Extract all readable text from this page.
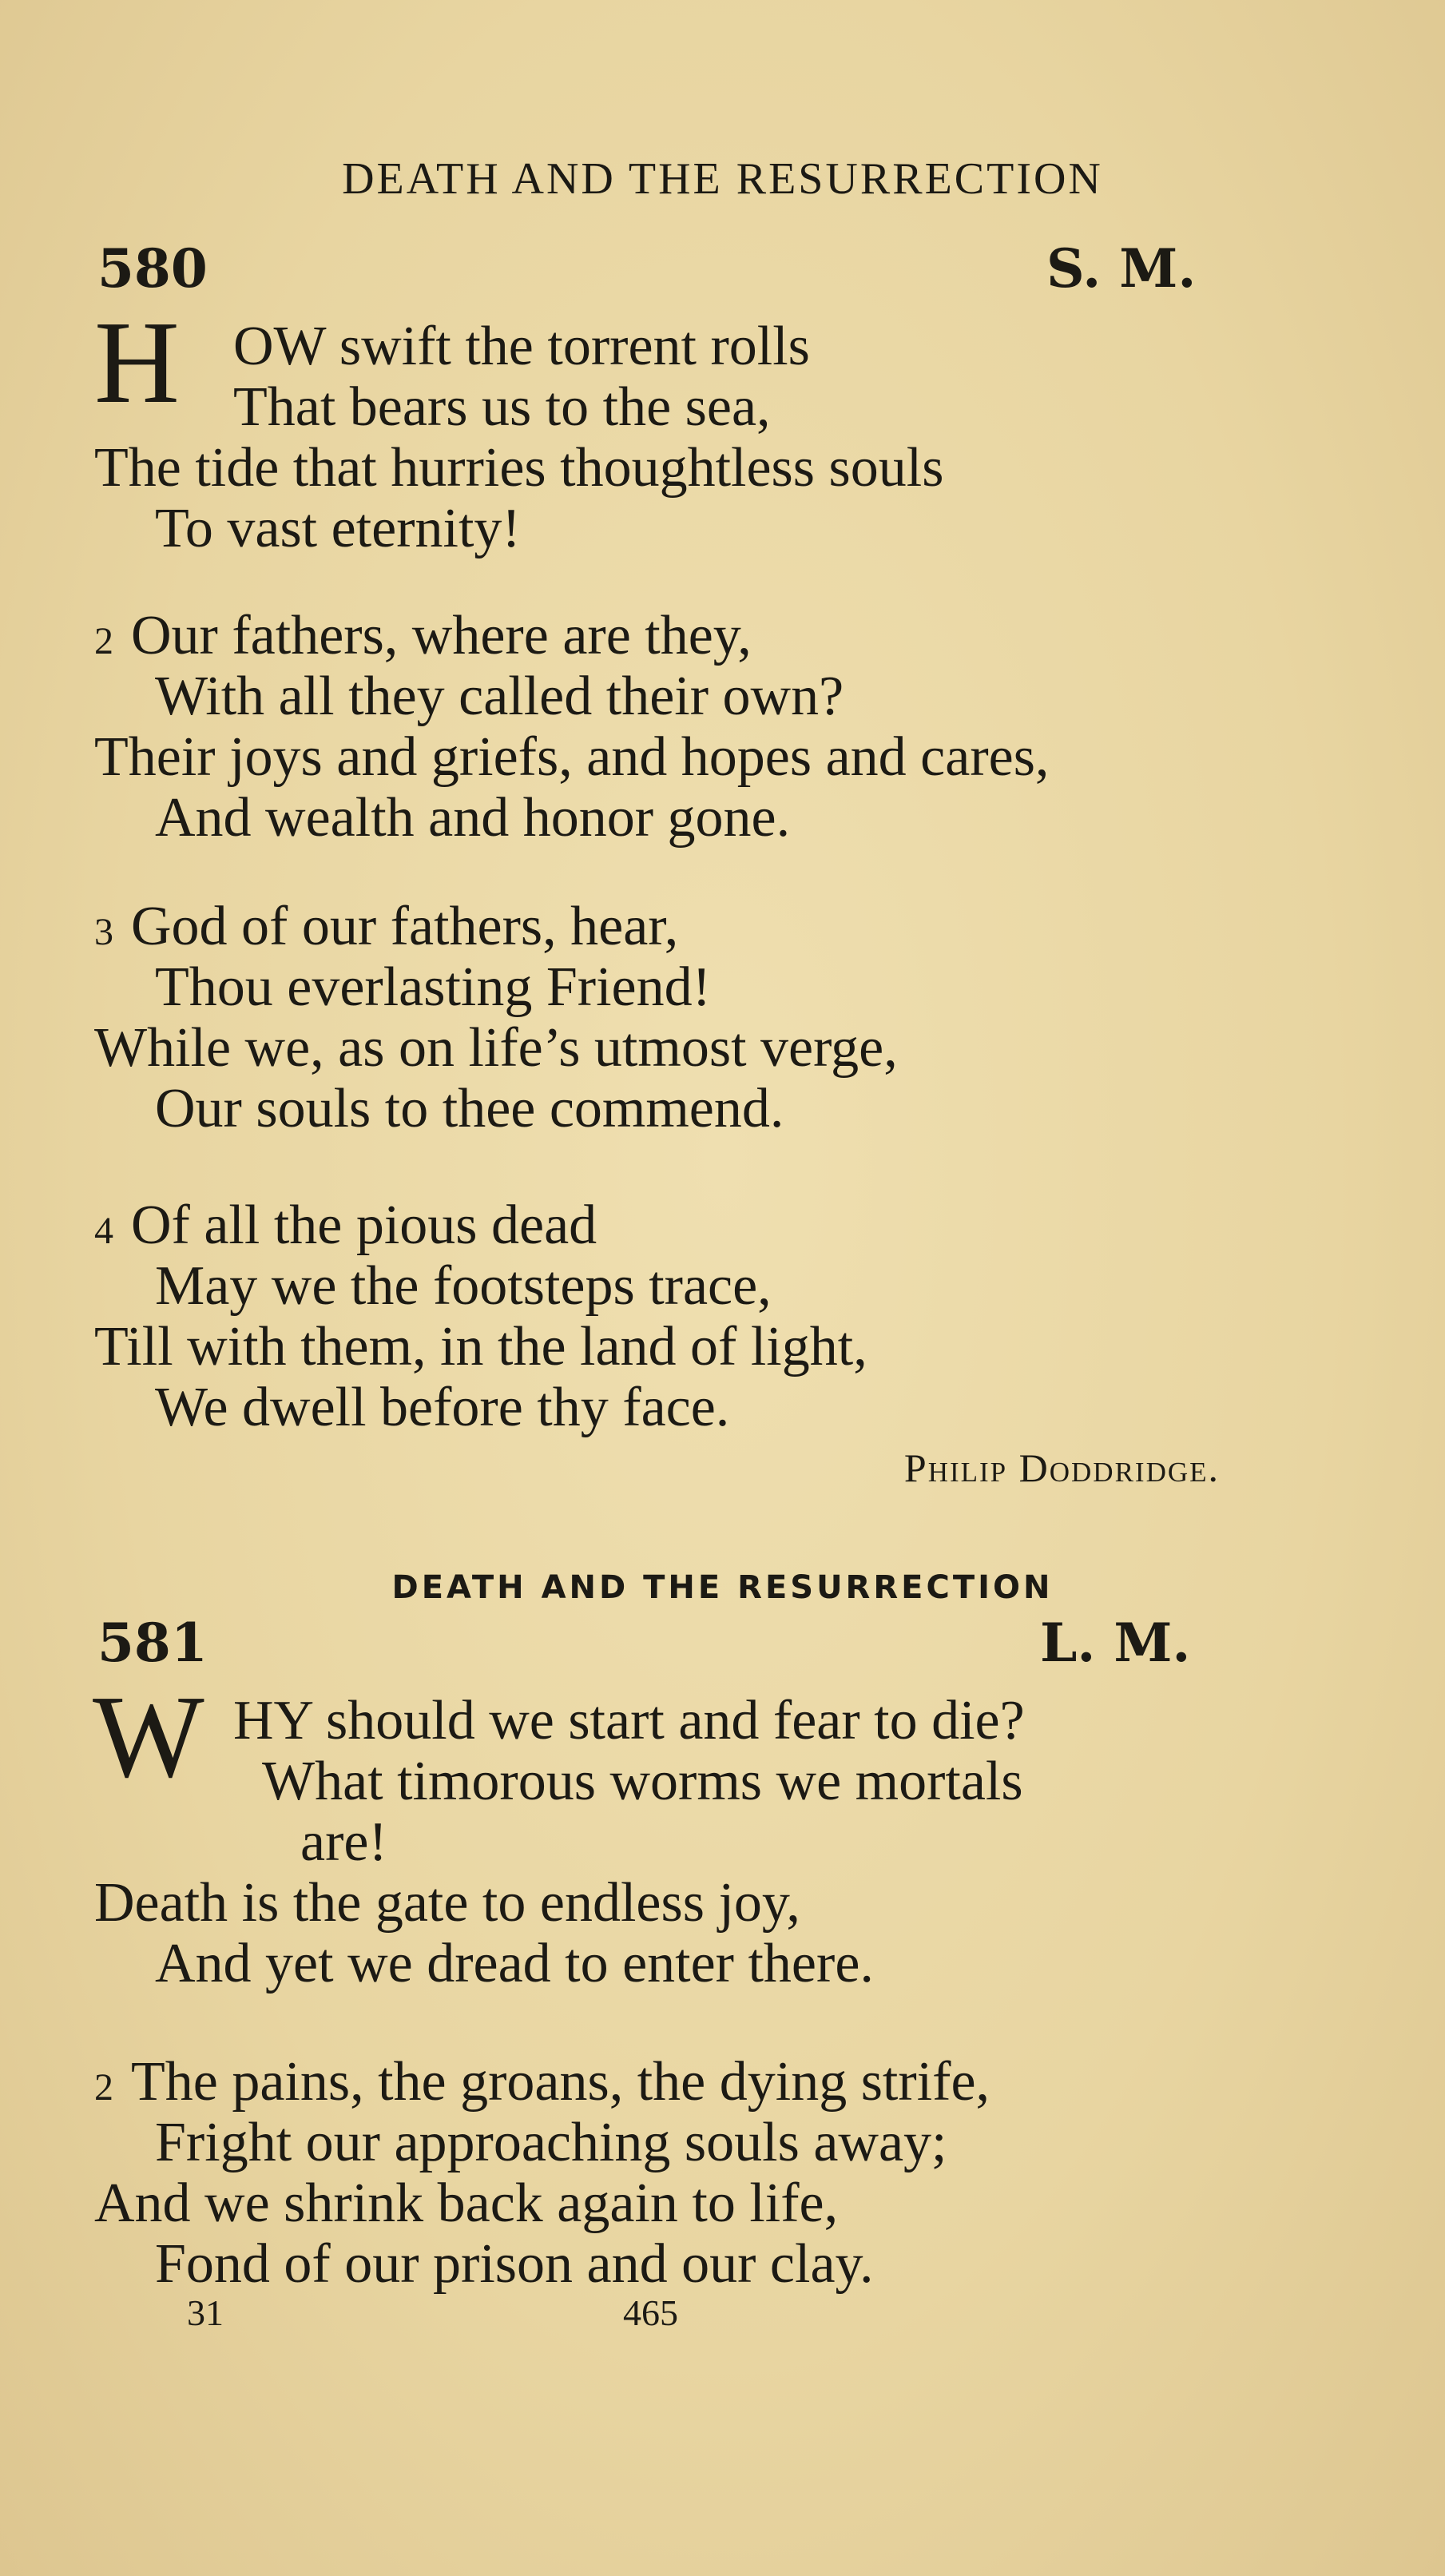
DEATH AND THE RESURRECTION
580	S. M.
H OW swift the torrent rolls
That bears us to the sea,
The tide that hurries thoughtless souls
To vast eternity!
2 Our fathers, where are they,
With all they called their own?
Their joys and griefs, and hopes and cares,
And wealth and honor gone.
3 God of our fathers, hear,
Thou everlasting Friend!
While we, as on life’s utmost verge,
Our souls to thee commend.
4 Of all the pious dead
May we the footsteps trace,
Till with them, in the land of light,
We dwell before thy face.
Philip Doddridge.
DEATH AND THE RESURRECTION
581	L. M.
W HY should we start and fear to die?
What timorous worms we mortals
are!
Death is the gate to endless joy,
And yet we dread to enter there.
2 The pains, the groans, the dying strife,
Fright our approaching souls away;
And we shrink back again to life,
Fond of our prison and our clay.
31	465
